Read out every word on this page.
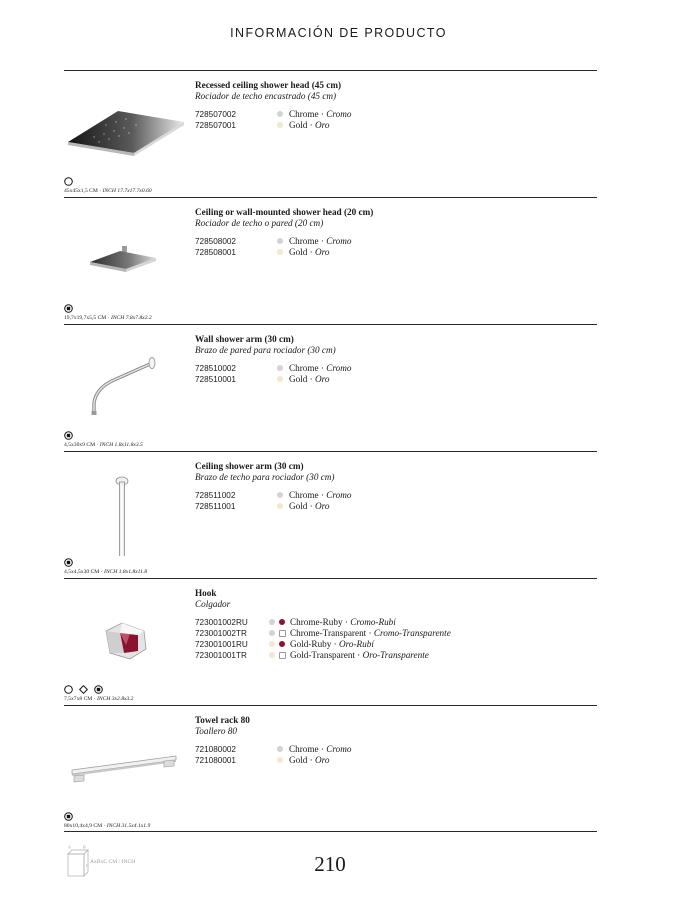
INFORMACIÓN DE PRODUCTO
Recessed ceiling shower head (45 cm)
Rociador de techo encastrado (45 cm)
728507002	Chrome · Cromo
728507001	Gold · Oro
45x45x1,5 CM · INCH 17.7x17.7x0.60
Ceiling or wall-mounted shower head (20 cm)
Rociador de techo o pared (20 cm)
728508002	Chrome · Cromo
728508001	Gold · Oro
19,7x19,7x5,5 CM · INCH 7.8x7.8x2.2
Wall shower arm (30 cm)
Brazo de pared para rociador (30 cm)
728510002	Chrome · Cromo
728510001	Gold · Oro
4,5x30x9 CM · INCH 1.8x11.8x3.5
Ceiling shower arm (30 cm)
Brazo de techo para rociador (30 cm)
728511002	Chrome · Cromo
728511001	Gold · Oro
4,5x4,5x30 CM · INCH 1.8x1.8x11.8
Hook
Colgador
723001002RU	Chrome-Ruby · Cromo-Rubí
723001002TR	Chrome-Transparent · Cromo-Transparente
723001001RU	Gold-Ruby · Oro-Rubí
723001001TR	Gold-Transparent · Oro-Transparente

7,5x7x8 CM · INCH 3x2.8x3.2
Towel rack 80
Toallero 80
721080002	Chrome · Cromo
721080001	Gold · Oro
80x10,4x4,9 CM · INCH 31.5x4.1x1.9
A	B
C
AxBxC CM / INCH	210
